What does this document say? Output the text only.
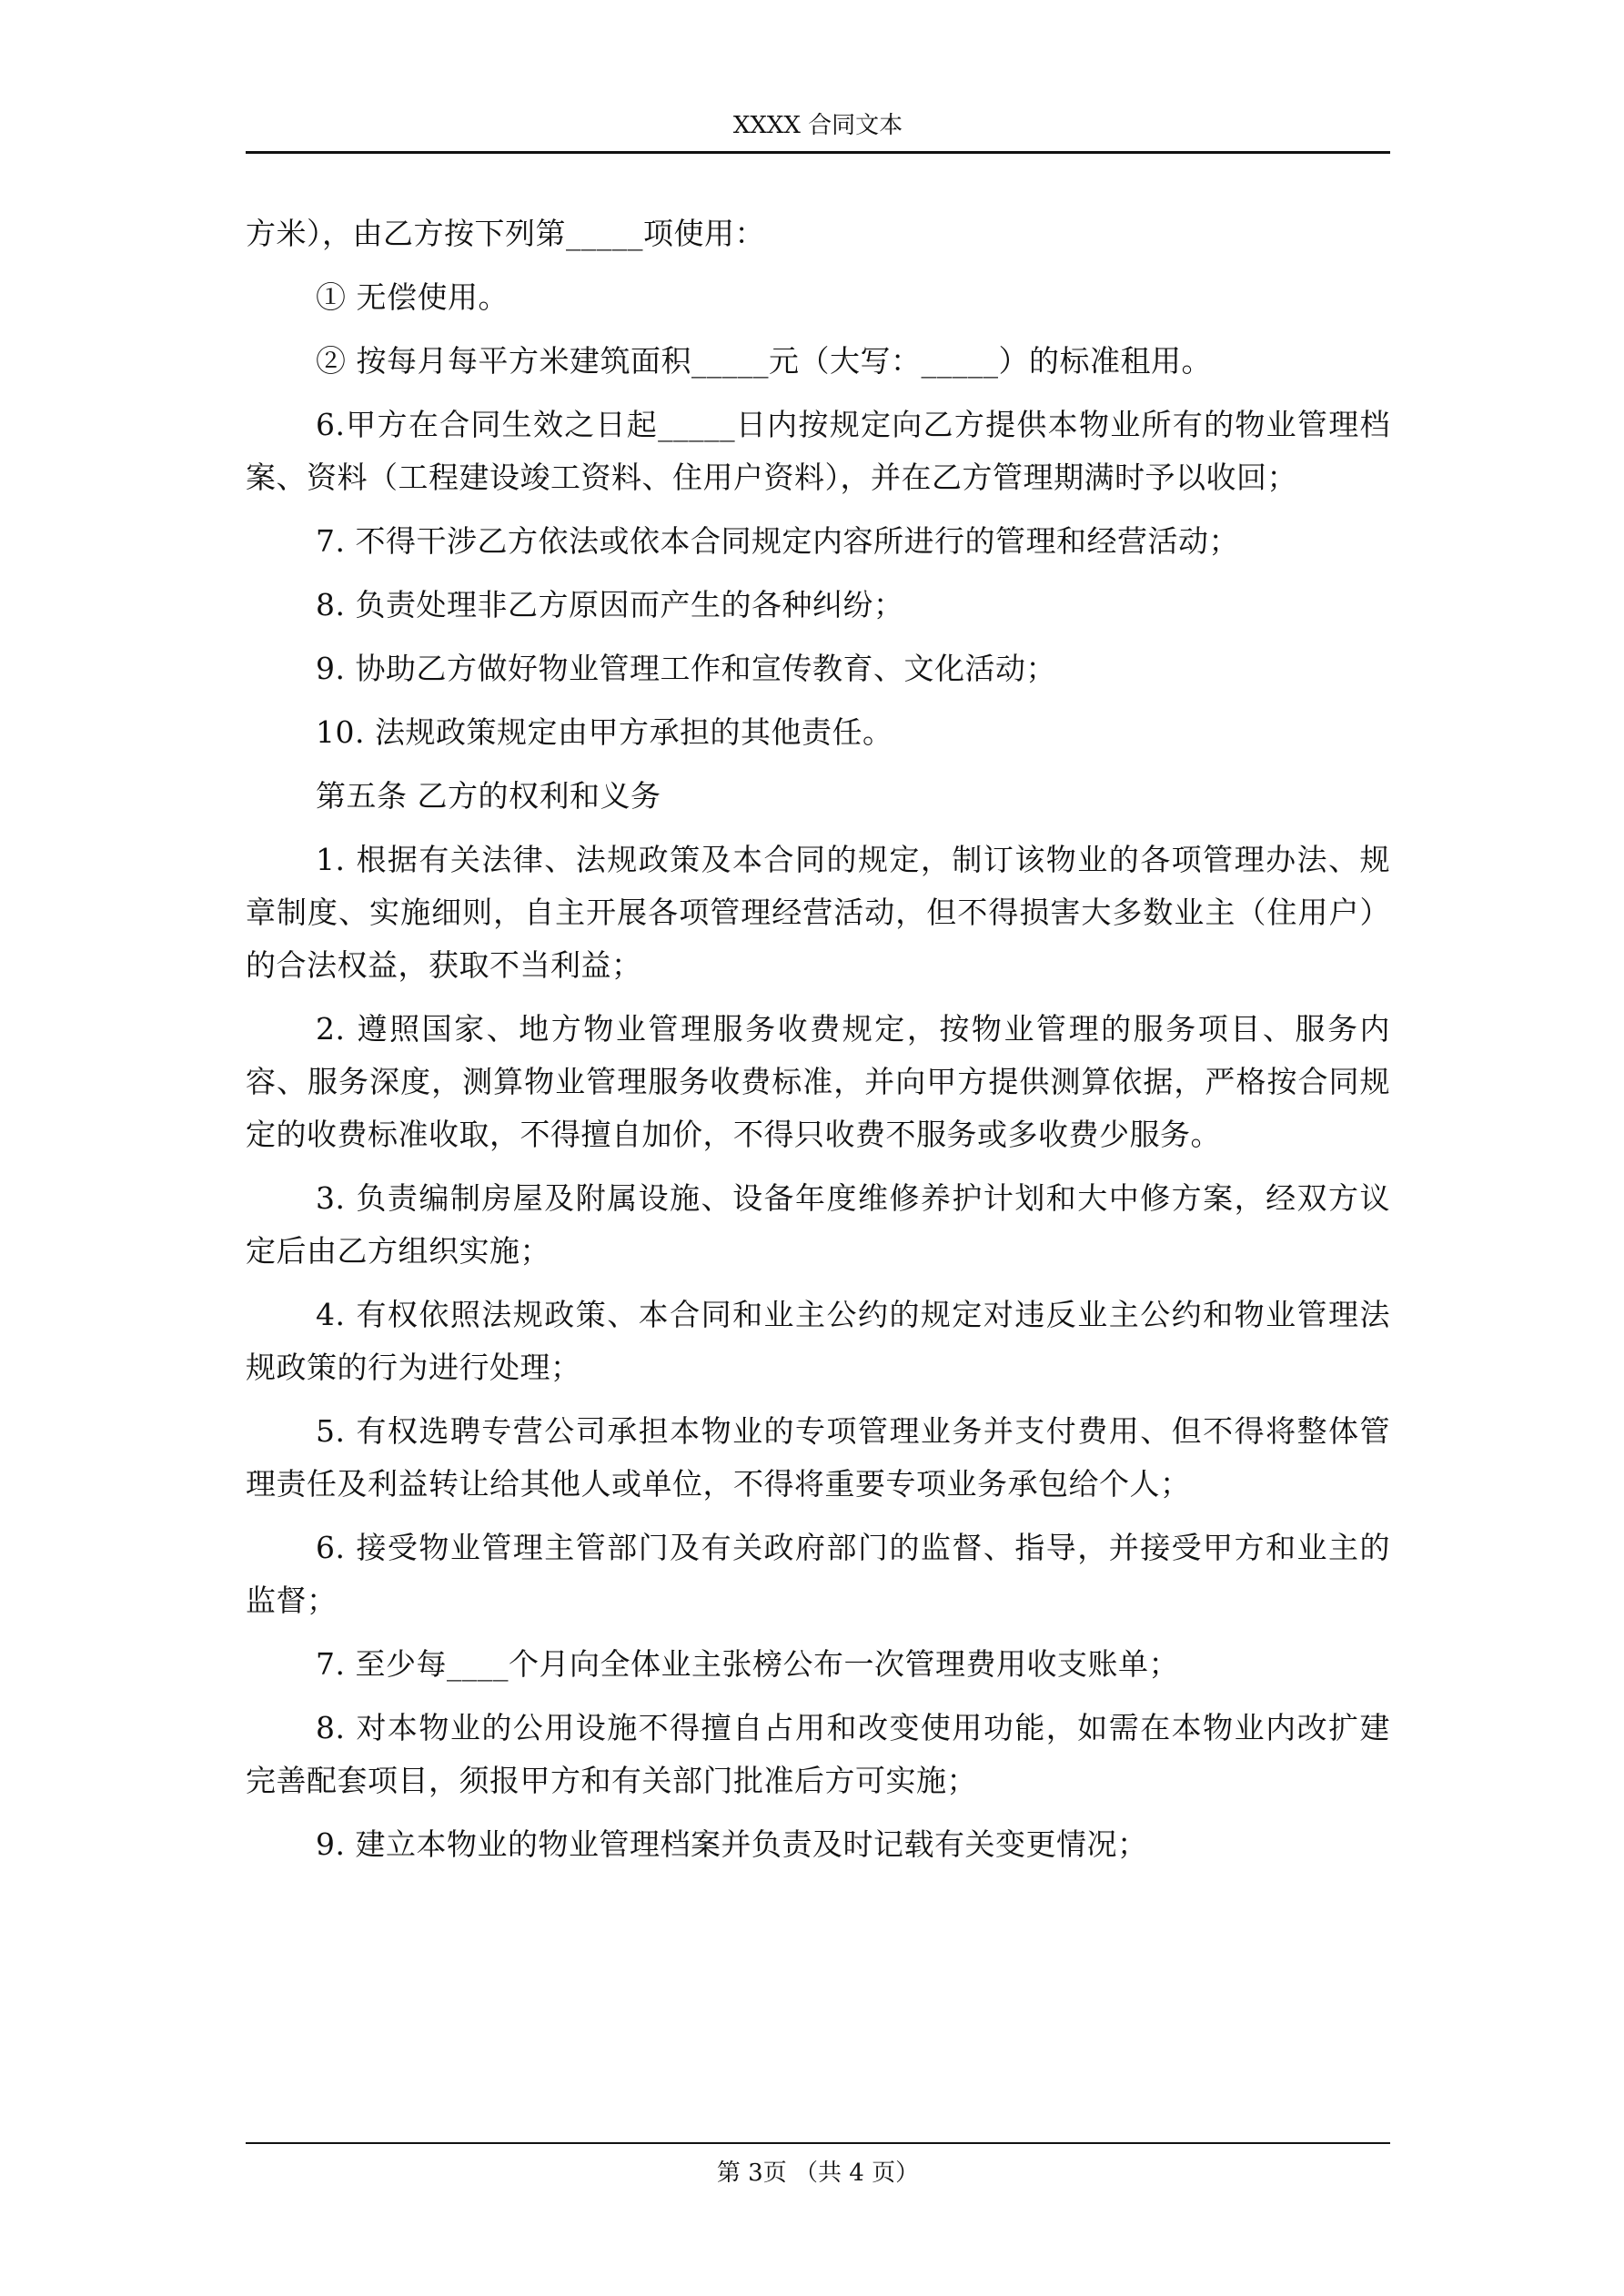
XXXX 合同文本

方米），由乙方按下列第_____项使用：

① 无偿使用。

② 按每月每平方米建筑面积_____元（大写：_____）的标准租用。

6.甲方在合同生效之日起_____日内按规定向乙方提供本物业所有的物业管理档案、资料（工程建设竣工资料、住用户资料），并在乙方管理期满时予以收回；

7. 不得干涉乙方依法或依本合同规定内容所进行的管理和经营活动；

8. 负责处理非乙方原因而产生的各种纠纷；

9. 协助乙方做好物业管理工作和宣传教育、文化活动；

10. 法规政策规定由甲方承担的其他责任。

第五条 乙方的权利和义务

1. 根据有关法律、法规政策及本合同的规定，制订该物业的各项管理办法、规章制度、实施细则，自主开展各项管理经营活动，但不得损害大多数业主（住用户）的合法权益，获取不当利益；

2. 遵照国家、地方物业管理服务收费规定，按物业管理的服务项目、服务内容、服务深度，测算物业管理服务收费标准，并向甲方提供测算依据，严格按合同规定的收费标准收取，不得擅自加价，不得只收费不服务或多收费少服务。

3. 负责编制房屋及附属设施、设备年度维修养护计划和大中修方案，经双方议定后由乙方组织实施；

4. 有权依照法规政策、本合同和业主公约的规定对违反业主公约和物业管理法规政策的行为进行处理；

5. 有权选聘专营公司承担本物业的专项管理业务并支付费用、但不得将整体管理责任及利益转让给其他人或单位，不得将重要专项业务承包给个人；

6. 接受物业管理主管部门及有关政府部门的监督、指导，并接受甲方和业主的监督；

7. 至少每____个月向全体业主张榜公布一次管理费用收支账单；

8. 对本物业的公用设施不得擅自占用和改变使用功能，如需在本物业内改扩建完善配套项目，须报甲方和有关部门批准后方可实施；

9. 建立本物业的物业管理档案并负责及时记载有关变更情况；

第 3页 （共 4 页）
